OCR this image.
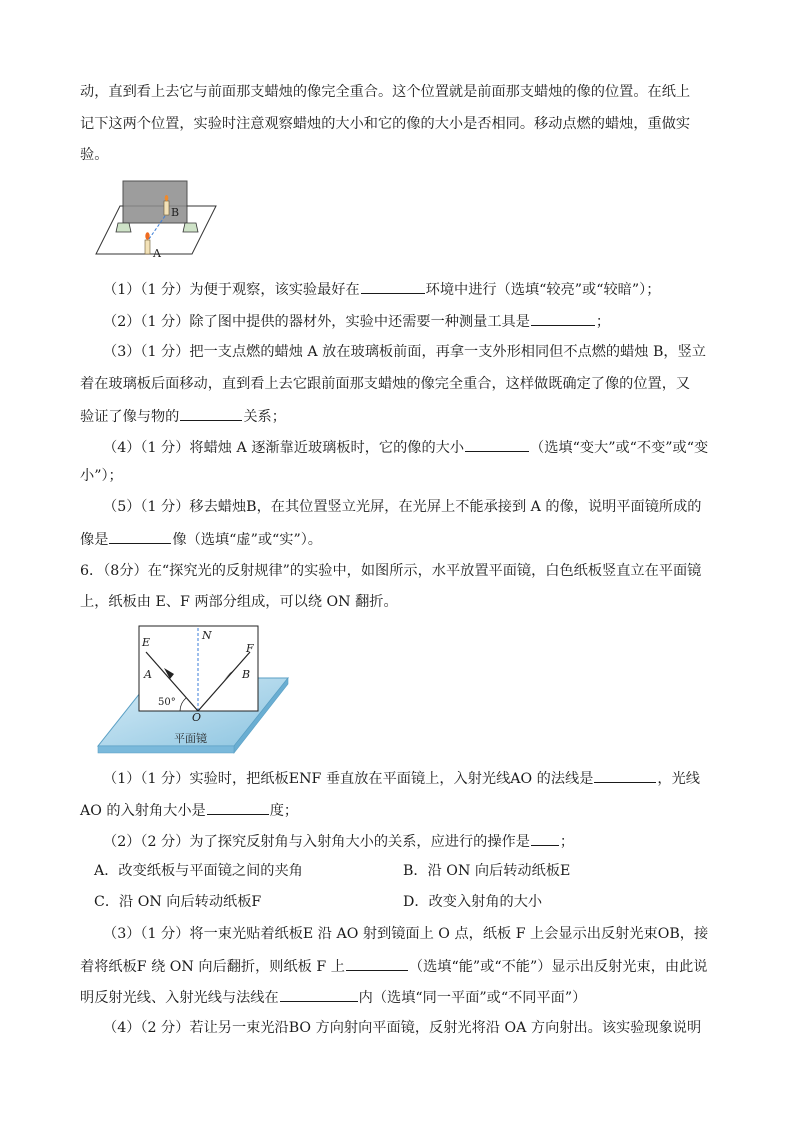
动，直到看上去它与前面那支蜡烛的像完全重合。这个位置就是前面那支蜡烛的像的位置。在纸上
记下这两个位置，实验时注意观察蜡烛的大小和它的像的大小是否相同。移动点燃的蜡烛，重做实
验。
B
A
（1）（1 分）为便于观察，该实验最好在	环境中进行（选填“较亮”或“较暗”）；
（2）（1 分）除了图中提供的器材外，实验中还需要一种测量工具是	；
（3）（1 分）把一支点燃的蜡烛 A 放在玻璃板前面，再拿一支外形相同但不点燃的蜡烛 B，竖立
着在玻璃板后面移动，直到看上去它跟前面那支蜡烛的像完全重合，这样做既确定了像的位置，又
验证了像与物的	关系；
（4）（1 分）将蜡烛 A 逐渐靠近玻璃板时，它的像的大小	（选填“变大”或“不变”或“变
小”）；
（5）（1 分）移去蜡烛B，在其位置竖立光屏，在光屏上不能承接到 A 的像，说明平面镜所成的
像是	像（选填“虚”或“实”）。
6．（8分）在“探究光的反射规律”的实验中，如图所示，水平放置平面镜，白色纸板竖直立在平面镜
上，纸板由 E、F 两部分组成，可以绕 ON 翻折。
E
N
F
A	B
O
50°
平面镜
（1）（1 分）实验时，把纸板ENF 垂直放在平面镜上，入射光线AO 的法线是	，光线
AO 的入射角大小是	度；
（2）（2 分）为了探究反射角与入射角大小的关系，应进行的操作是 ；
A．改变纸板与平面镜之间的夹角	B．沿 ON 向后转动纸板E
C．沿 ON 向后转动纸板F	D．改变入射角的大小
（3）（1 分）将一束光贴着纸板E 沿 AO 射到镜面上 O 点，纸板 F 上会显示出反射光束OB，接
着将纸板F 绕 ON 向后翻折，则纸板 F 上	（选填“能”或“不能”）显示出反射光束，由此说
明反射光线、入射光线与法线在	内（选填“同一平面”或“不同平面”）
（4）（2 分）若让另一束光沿BO 方向射向平面镜，反射光将沿 OA 方向射出。该实验现象说明
